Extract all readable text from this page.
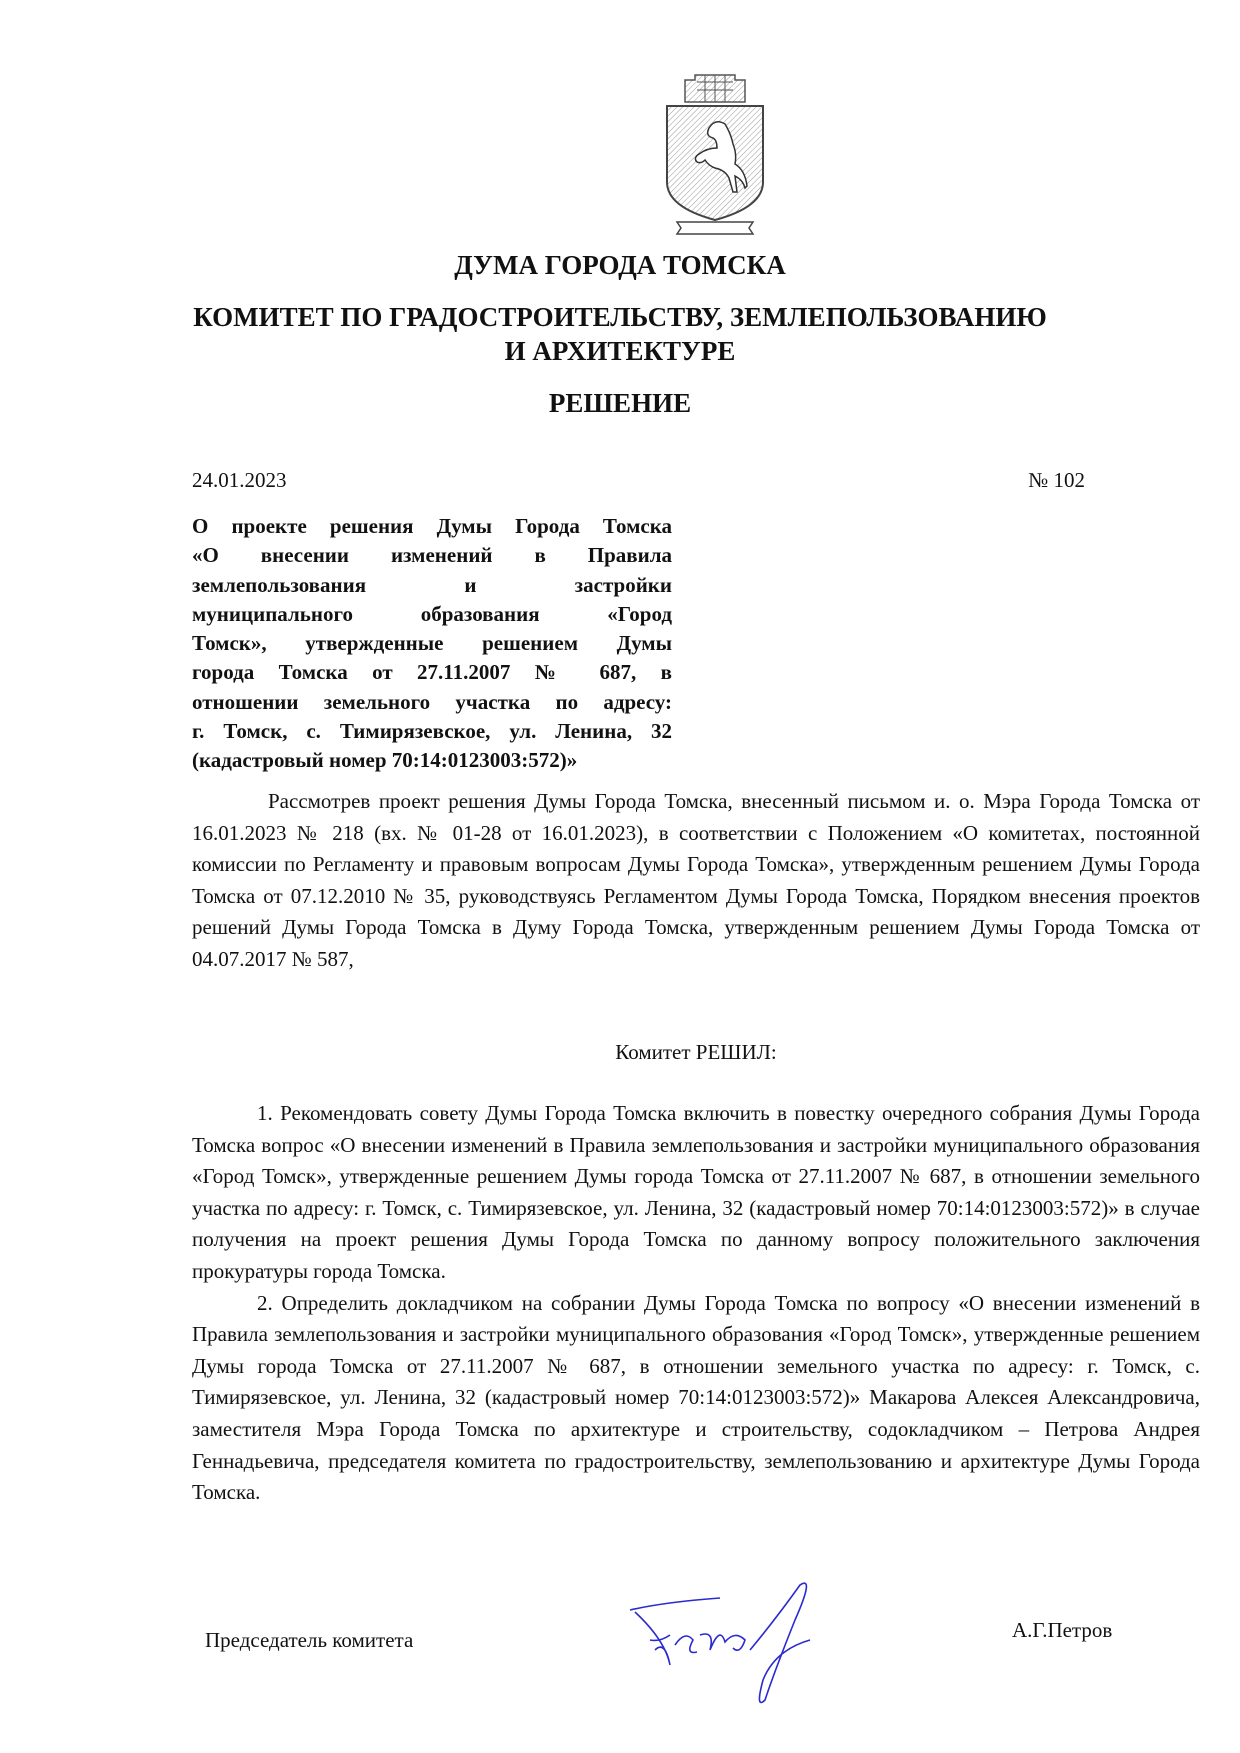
ДУМА ГОРОДА ТОМСКА
КОМИТЕТ ПО ГРАДОСТРОИТЕЛЬСТВУ, ЗЕМЛЕПОЛЬЗОВАНИЮ
И АРХИТЕКТУРЕ
РЕШЕНИЕ
24.01.2023	№ 102
О проекте решения Думы Города Томска
«О внесении изменений в Правила
землепользования и застройки
муниципального образования «Город
Томск», утвержденные решением Думы
города Томска от 27.11.2007 № 687, в
отношении земельного участка по адресу:
г. Томск, с. Тимирязевское, ул. Ленина, 32
(кадастровый номер 70:14:0123003:572)»
Рассмотрев проект решения Думы Города Томска, внесенный письмом и. о. Мэра Города Томска от 16.01.2023 № 218 (вх. № 01-28 от 16.01.2023), в соответствии с Положением «О комитетах, постоянной комиссии по Регламенту и правовым вопросам Думы Города Томска», утвержденным решением Думы Города Томска от 07.12.2010 № 35, руководствуясь Регламентом Думы Города Томска, Порядком внесения проектов решений Думы Города Томска в Думу Города Томска, утвержденным решением Думы Города Томска от 04.07.2017 № 587,
Комитет РЕШИЛ:

1. Рекомендовать совету Думы Города Томска включить в повестку очередного собрания Думы Города Томска вопрос «О внесении изменений в Правила землепользования и застройки муниципального образования «Город Томск», утвержденные решением Думы города Томска от 27.11.2007 № 687, в отношении земельного участка по адресу: г. Томск, с. Тимирязевское, ул. Ленина, 32 (кадастровый номер 70:14:0123003:572)» в случае получения на проект решения Думы Города Томска по данному вопросу положительного заключения прокуратуры города Томска.

2. Определить докладчиком на собрании Думы Города Томска по вопросу «О внесении изменений в Правила землепользования и застройки муниципального образования «Город Томск», утвержденные решением Думы города Томска от 27.11.2007 № 687, в отношении земельного участка по адресу: г. Томск, с. Тимирязевское, ул. Ленина, 32 (кадастровый номер 70:14:0123003:572)» Макарова Алексея Александровича, заместителя Мэра Города Томска по архитектуре и строительству, содокладчиком – Петрова Андрея Геннадьевича, председателя комитета по градостроительству, землепользованию и архитектуре Думы Города Томска.

Председатель комитета	А.Г.Петров
